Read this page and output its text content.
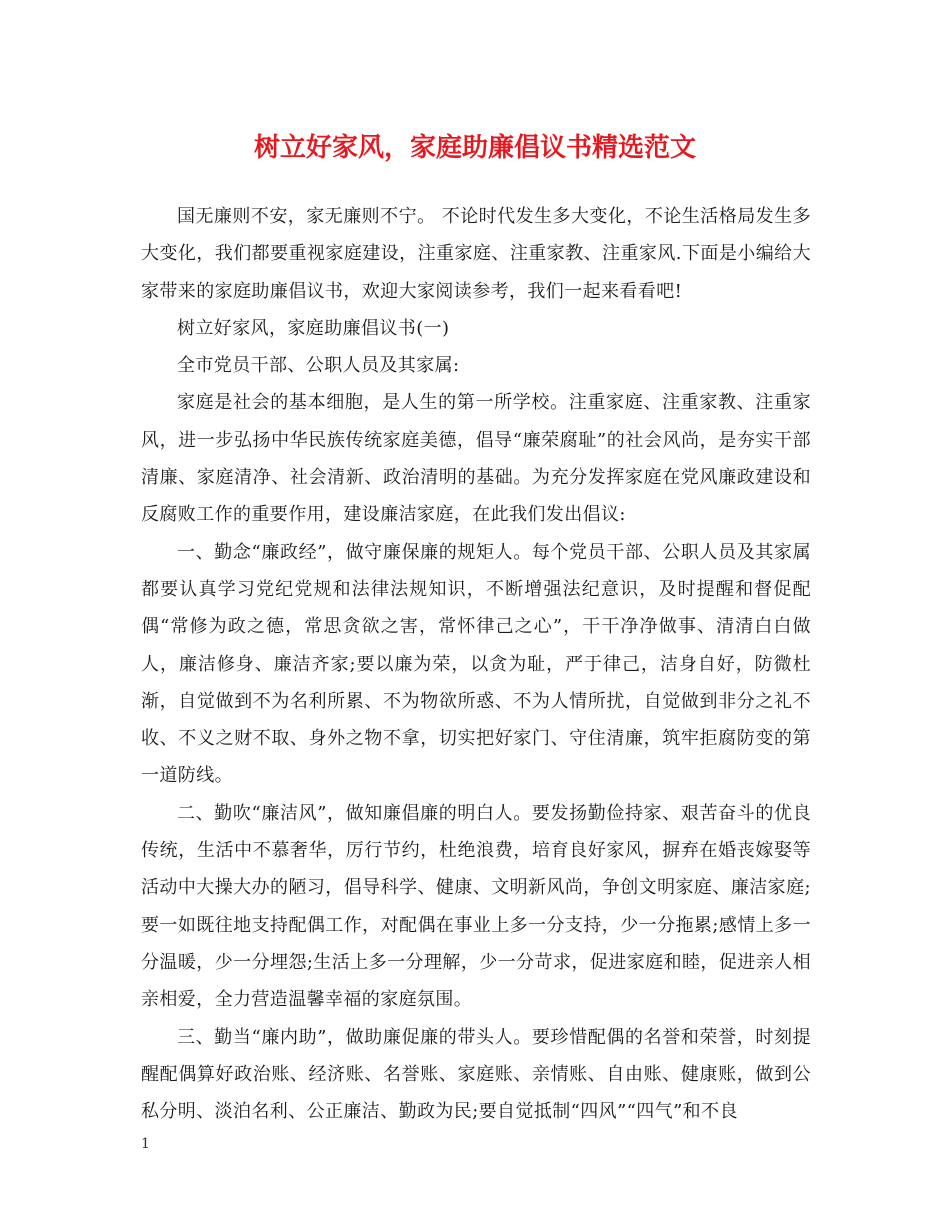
树立好家风，家庭助廉倡议书精选范文

国无廉则不安，家无廉则不宁。 不论时代发生多大变化，不论生活格局发生多大变化，我们都要重视家庭建设，注重家庭、注重家教、注重家风.下面是小编给大家带来的家庭助廉倡议书，欢迎大家阅读参考，我们一起来看看吧!

树立好家风，家庭助廉倡议书(一)

全市党员干部、公职人员及其家属:

家庭是社会的基本细胞，是人生的第一所学校。注重家庭、注重家教、注重家风，进一步弘扬中华民族传统家庭美德，倡导“廉荣腐耻”的社会风尚，是夯实干部清廉、家庭清净、社会清新、政治清明的基础。为充分发挥家庭在党风廉政建设和反腐败工作的重要作用，建设廉洁家庭，在此我们发出倡议:

一、勤念“廉政经”，做守廉保廉的规矩人。每个党员干部、公职人员及其家属都要认真学习党纪党规和法律法规知识，不断增强法纪意识，及时提醒和督促配偶“常修为政之德，常思贪欲之害，常怀律己之心”，干干净净做事、清清白白做人，廉洁修身、廉洁齐家;要以廉为荣，以贪为耻，严于律己，洁身自好，防微杜渐，自觉做到不为名利所累、不为物欲所惑、不为人情所扰，自觉做到非分之礼不收、不义之财不取、身外之物不拿，切实把好家门、守住清廉，筑牢拒腐防变的第一道防线。

二、勤吹“廉洁风”，做知廉倡廉的明白人。要发扬勤俭持家、艰苦奋斗的优良传统，生活中不慕奢华，厉行节约，杜绝浪费，培育良好家风，摒弃在婚丧嫁娶等活动中大操大办的陋习，倡导科学、健康、文明新风尚，争创文明家庭、廉洁家庭;要一如既往地支持配偶工作，对配偶在事业上多一分支持，少一分拖累;感情上多一分温暖，少一分埋怨;生活上多一分理解，少一分苛求，促进家庭和睦，促进亲人相亲相爱，全力营造温馨幸福的家庭氛围。

三、勤当“廉内助”，做助廉促廉的带头人。要珍惜配偶的名誉和荣誉，时刻提醒配偶算好政治账、经济账、名誉账、家庭账、亲情账、自由账、健康账，做到公私分明、淡泊名利、公正廉洁、勤政为民;要自觉抵制“四风”“四气”和不良

1
